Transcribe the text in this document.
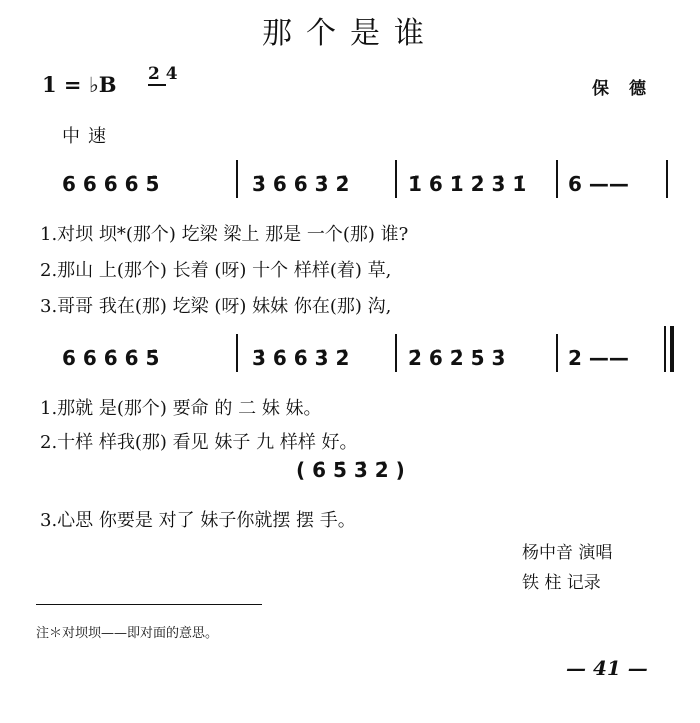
那个是谁
1 = ♭B 2 4
保德
中速
6 6 6̇ 6̇ 5̇	3̇ 6̇ 6̇ 3̇ 2̇	1̇ 6̇ 1̇ 2̇ 3̇ 1̇ 6 ——
1.对坝 坝*(那个) 圪梁 梁上 那是 一个(那) 谁?
2.那山 上(那个) 长着 (呀) 十个 样样(着) 草,
3.哥哥 我在(那) 圪梁 (呀) 妹妹 你在(那) 沟,
6 6 6̇ 6̇ 5̇	3̇ 6̇ 6̇ 3̇ 2̇	2̇ 6̇ 2̇ 5̇ 3̇	2 ——
1.那就 是(那个) 要命 的 二 妹 妹。
2.十样 样我(那) 看见 妹子 九 样样 好。
( 6̇ 5̇ 3̇ 2̇ )
3.心思 你要是 对了 妹子你就摆 摆 手。
杨中音 演唱
铁 柱 记录
注＊对坝坝——即对面的意思。
— 41 —
